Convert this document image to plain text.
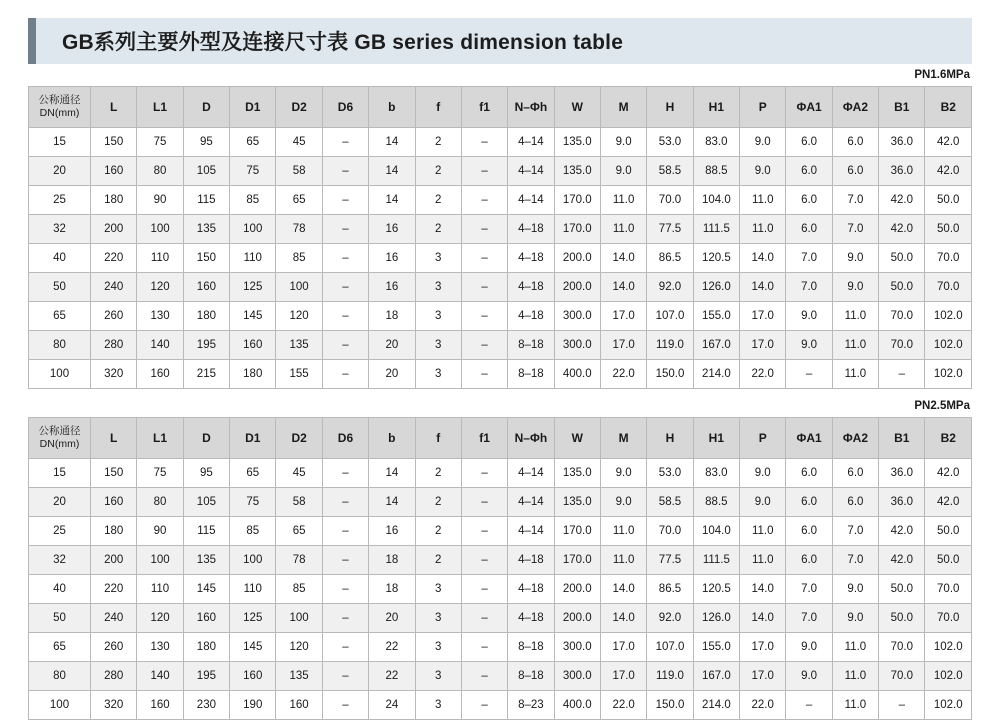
GB系列主要外型及连接尺寸表 GB series dimension table
PN1.6MPa
公称通径
DN(mm)	L	L1	D	D1	D2	D6	b	f	f1	N–Φh	W	M	H	H1	P	ΦA1	ΦA2	B1	B2
15	150	75	95	65	45	–	14	2	–	4–14	135.0	9.0	53.0	83.0	9.0	6.0	6.0	36.0	42.0
20	160	80	105	75	58	–	14	2	–	4–14	135.0	9.0	58.5	88.5	9.0	6.0	6.0	36.0	42.0
25	180	90	115	85	65	–	14	2	–	4–14	170.0	11.0	70.0	104.0	11.0	6.0	7.0	42.0	50.0
32	200	100	135	100	78	–	16	2	–	4–18	170.0	11.0	77.5	111.5	11.0	6.0	7.0	42.0	50.0
40	220	110	150	110	85	–	16	3	–	4–18	200.0	14.0	86.5	120.5	14.0	7.0	9.0	50.0	70.0
50	240	120	160	125	100	–	16	3	–	4–18	200.0	14.0	92.0	126.0	14.0	7.0	9.0	50.0	70.0
65	260	130	180	145	120	–	18	3	–	4–18	300.0	17.0	107.0	155.0	17.0	9.0	11.0	70.0	102.0
80	280	140	195	160	135	–	20	3	–	8–18	300.0	17.0	119.0	167.0	17.0	9.0	11.0	70.0	102.0
100	320	160	215	180	155	–	20	3	–	8–18	400.0	22.0	150.0	214.0	22.0	–	11.0	–	102.0
PN2.5MPa
公称通径
DN(mm)	L	L1	D	D1	D2	D6	b	f	f1	N–Φh	W	M	H	H1	P	ΦA1	ΦA2	B1	B2
15	150	75	95	65	45	–	14	2	–	4–14	135.0	9.0	53.0	83.0	9.0	6.0	6.0	36.0	42.0
20	160	80	105	75	58	–	14	2	–	4–14	135.0	9.0	58.5	88.5	9.0	6.0	6.0	36.0	42.0
25	180	90	115	85	65	–	16	2	–	4–14	170.0	11.0	70.0	104.0	11.0	6.0	7.0	42.0	50.0
32	200	100	135	100	78	–	18	2	–	4–18	170.0	11.0	77.5	111.5	11.0	6.0	7.0	42.0	50.0
40	220	110	145	110	85	–	18	3	–	4–18	200.0	14.0	86.5	120.5	14.0	7.0	9.0	50.0	70.0
50	240	120	160	125	100	–	20	3	–	4–18	200.0	14.0	92.0	126.0	14.0	7.0	9.0	50.0	70.0
65	260	130	180	145	120	–	22	3	–	8–18	300.0	17.0	107.0	155.0	17.0	9.0	11.0	70.0	102.0
80	280	140	195	160	135	–	22	3	–	8–18	300.0	17.0	119.0	167.0	17.0	9.0	11.0	70.0	102.0
100	320	160	230	190	160	–	24	3	–	8–23	400.0	22.0	150.0	214.0	22.0	–	11.0	–	102.0
